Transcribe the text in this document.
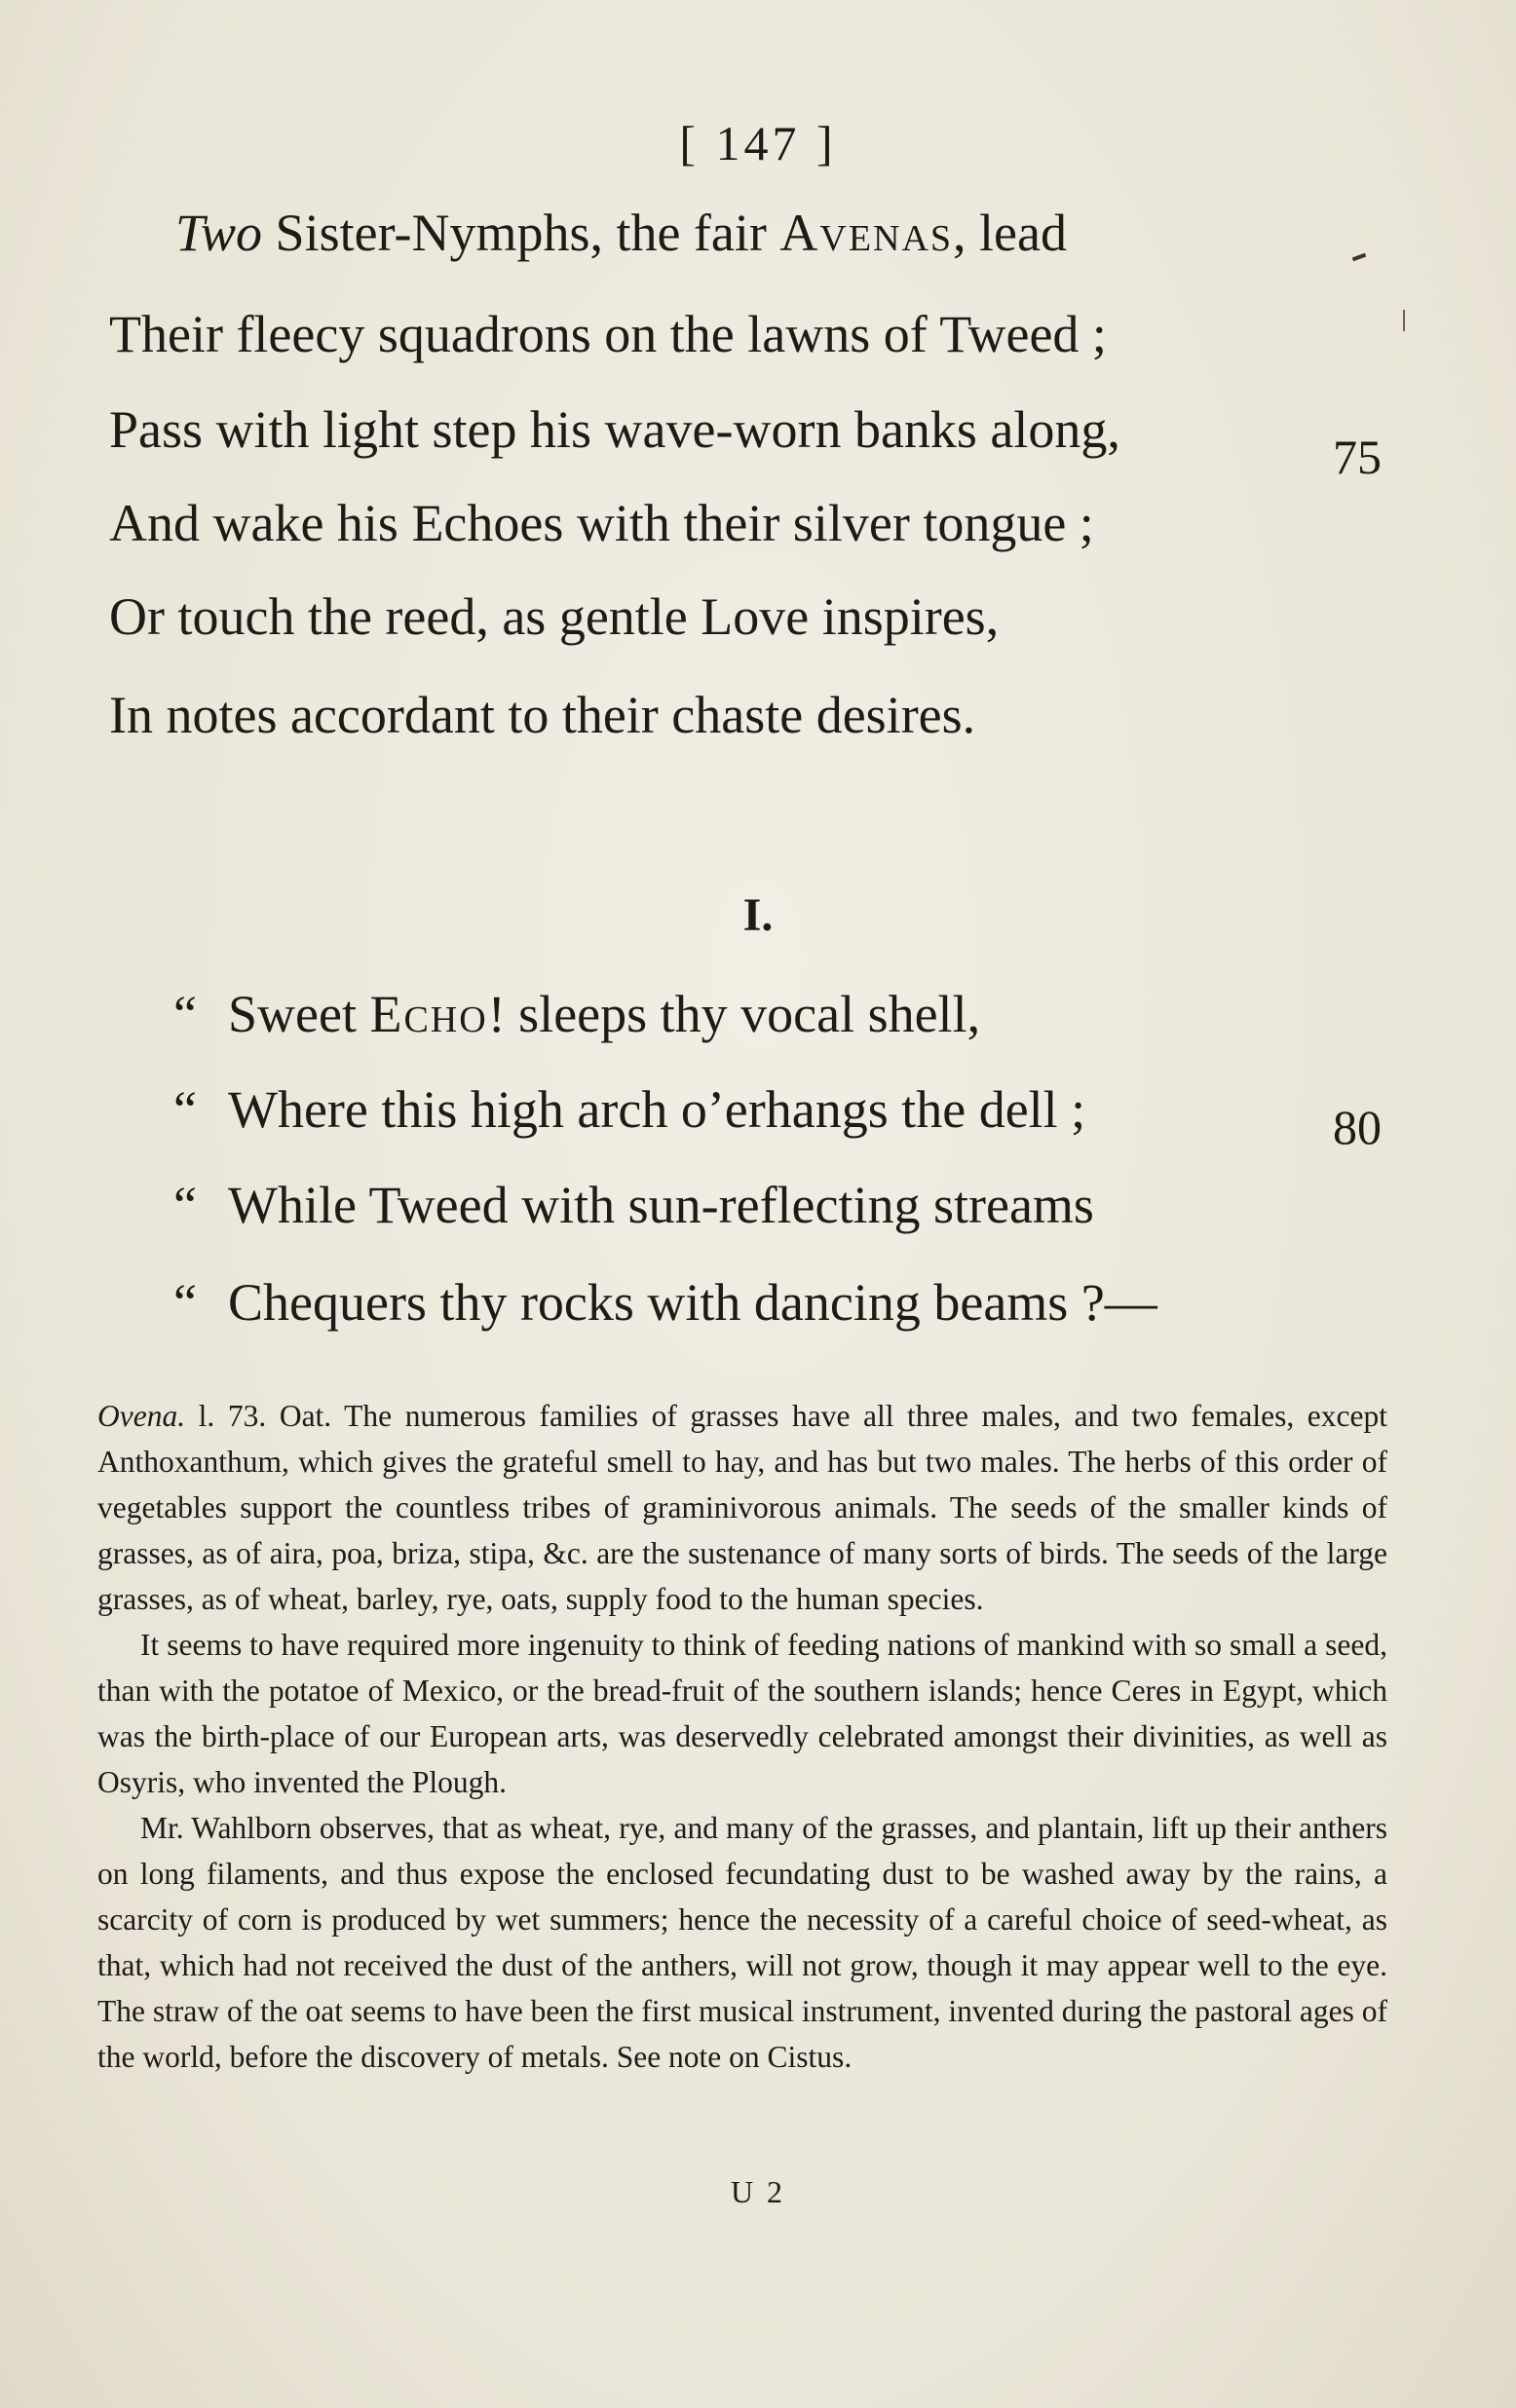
[ 147 ]
Two Sister-Nymphs, the fair Avenas, lead
Their fleecy squadrons on the lawns of Tweed ;
Pass with light step his wave-worn banks along,
And wake his Echoes with their silver tongue ;
Or touch the reed, as gentle Love inspires,
In notes accordant to their chaste desires.
75
I.
“ Sweet Echo! sleeps thy vocal shell,
“ Where this high arch o’erhangs the dell ;
“ While Tweed with sun-reflecting streams
“ Chequers thy rocks with dancing beams ?—
80

Ovena. l. 73. Oat. The numerous families of grasses have all three males, and two females, except Anthoxanthum, which gives the grateful smell to hay, and has but two males. The herbs of this order of vegetables support the countless tribes of graminivorous animals. The seeds of the smaller kinds of grasses, as of aira, poa, briza, stipa, &c. are the sustenance of many sorts of birds. The seeds of the large grasses, as of wheat, barley, rye, oats, supply food to the human species.

It seems to have required more ingenuity to think of feeding nations of mankind with so small a seed, than with the potatoe of Mexico, or the bread-fruit of the southern islands; hence Ceres in Egypt, which was the birth-place of our European arts, was deservedly celebrated amongst their divinities, as well as Osyris, who invented the Plough.

Mr. Wahlborn observes, that as wheat, rye, and many of the grasses, and plantain, lift up their anthers on long filaments, and thus expose the enclosed fecundating dust to be washed away by the rains, a scarcity of corn is produced by wet summers; hence the necessity of a careful choice of seed-wheat, as that, which had not received the dust of the anthers, will not grow, though it may appear well to the eye. The straw of the oat seems to have been the first musical instrument, invented during the pastoral ages of the world, before the discovery of metals. See note on Cistus.

U 2
